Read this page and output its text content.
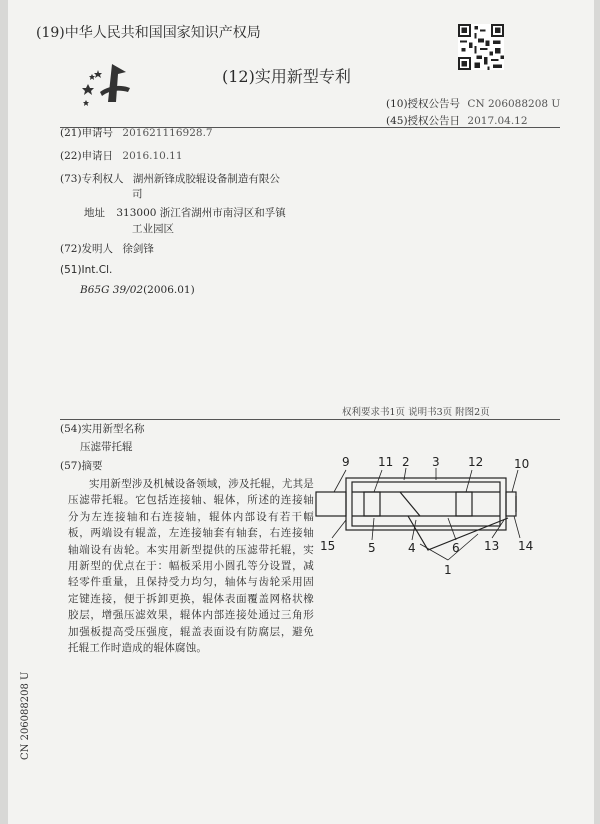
(19)中华人民共和国国家知识产权局
(12)实用新型专利
(10)授权公告号 CN 206088208 U
(45)授权公告日 2017.04.12
(21)申请号 201621116928.7
(22)申请日 2016.10.11
(73)专利权人 湖州新锋成胶辊设备制造有限公
司
地址 313000 浙江省湖州市南浔区和孚镇
工业园区
(72)发明人 徐剑锋
(51)Int.Cl.
B65G 39/02(2006.01)
权利要求书1页 说明书3页 附图2页
(54)实用新型名称
压滤带托辊
(57)摘要
实用新型涉及机械设备领域，涉及托辊，尤其是压滤带托辊。它包括连接轴、辊体，所述的连接轴分为左连接轴和右连接轴，辊体内部设有若干幅板，两端设有辊盖，左连接轴套有轴套，右连接轴轴端设有齿轮。本实用新型提供的压滤带托辊，实用新型的优点在于：幅板采用小圆孔等分设置，减轻零件重量，且保持受力均匀，轴体与齿轮采用固定键连接，便于拆卸更换，辊体表面覆盖网格状橡胶层，增强压滤效果，辊体内部连接处通过三角形加强板提高受压强度，辊盖表面设有防腐层，避免托辊工作时造成的辊体腐蚀。
9 11 2 3 12	10
15	5	4	6 13 14
1
CN 206088208 U
